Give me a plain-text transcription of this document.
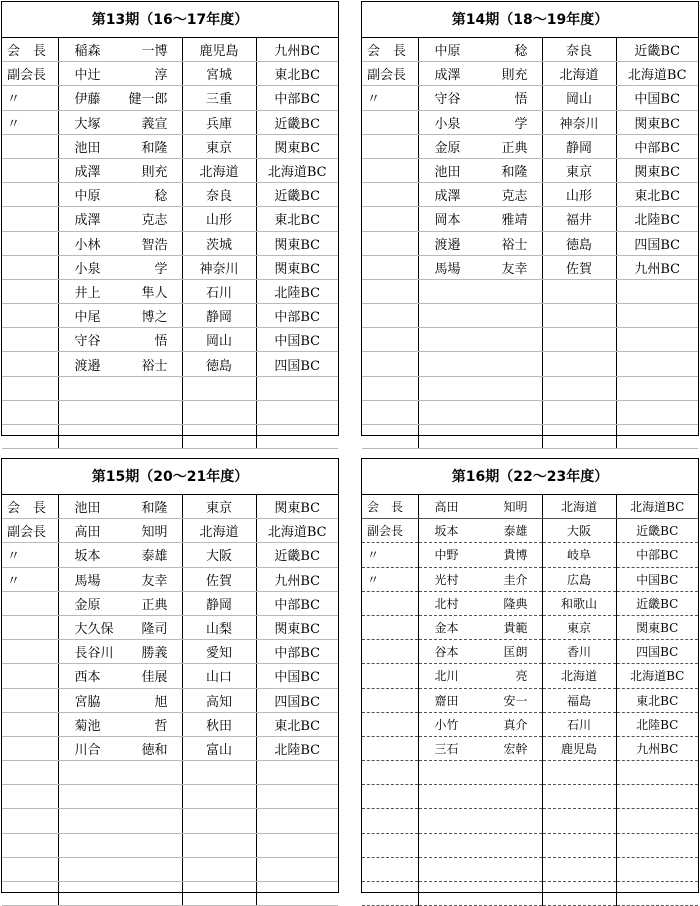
第13期（16～17年度）
会　長	稲森 一博	鹿児島	九州BC
副会長	中辻 淳	宮城	東北BC
〃	伊藤 健一郎	三重	中部BC
〃	大塚 義宣	兵庫	近畿BC

	池田 和隆	東京	関東BC

	成澤 則充	北海道	北海道BC

	中原 稔	奈良	近畿BC

	成澤 克志	山形	東北BC

	小林 智浩	茨城	関東BC

	小泉 学	神奈川	関東BC

	井上 隼人	石川	北陸BC

	中尾 博之	静岡	中部BC

	守谷 悟	岡山	中国BC

	渡邉 裕士	徳島	四国BC

第14期（18～19年度）
会　長	中原 稔	奈良	近畿BC
副会長	成澤 則充	北海道	北海道BC
〃	守谷 悟	岡山	中国BC

	小泉 学	神奈川	関東BC

	金原 正典	静岡	中部BC

	池田 和隆	東京	関東BC

	成澤 克志	山形	東北BC

	岡本 雅靖	福井	北陸BC

	渡邉 裕士	徳島	四国BC

	馬場 友幸	佐賀	九州BC

第15期（20～21年度）
会　長	池田 和隆	東京	関東BC
副会長	高田 知明	北海道	北海道BC
〃	坂本 泰雄	大阪	近畿BC
〃	馬場 友幸	佐賀	九州BC

	金原 正典	静岡	中部BC

	大久保 隆司	山梨	関東BC

	長谷川 勝義	愛知	中部BC

	西本 佳展	山口	中国BC

	宮脇 旭	高知	四国BC

	菊池 哲	秋田	東北BC

	川合 徳和	富山	北陸BC

第16期（22～23年度）
会　長	高田 知明	北海道	北海道BC
副会長	坂本 泰雄	大阪	近畿BC
〃	中野 貴博	岐阜	中部BC
〃	光村 圭介	広島	中国BC

	北村 隆典	和歌山	近畿BC

	金本 貴範	東京	関東BC

	谷本 匡朗	香川	四国BC

	北川 亮	北海道	北海道BC

	齋田 安一	福島	東北BC

	小竹 真介	石川	北陸BC

	三石 宏幹	鹿児島	九州BC
